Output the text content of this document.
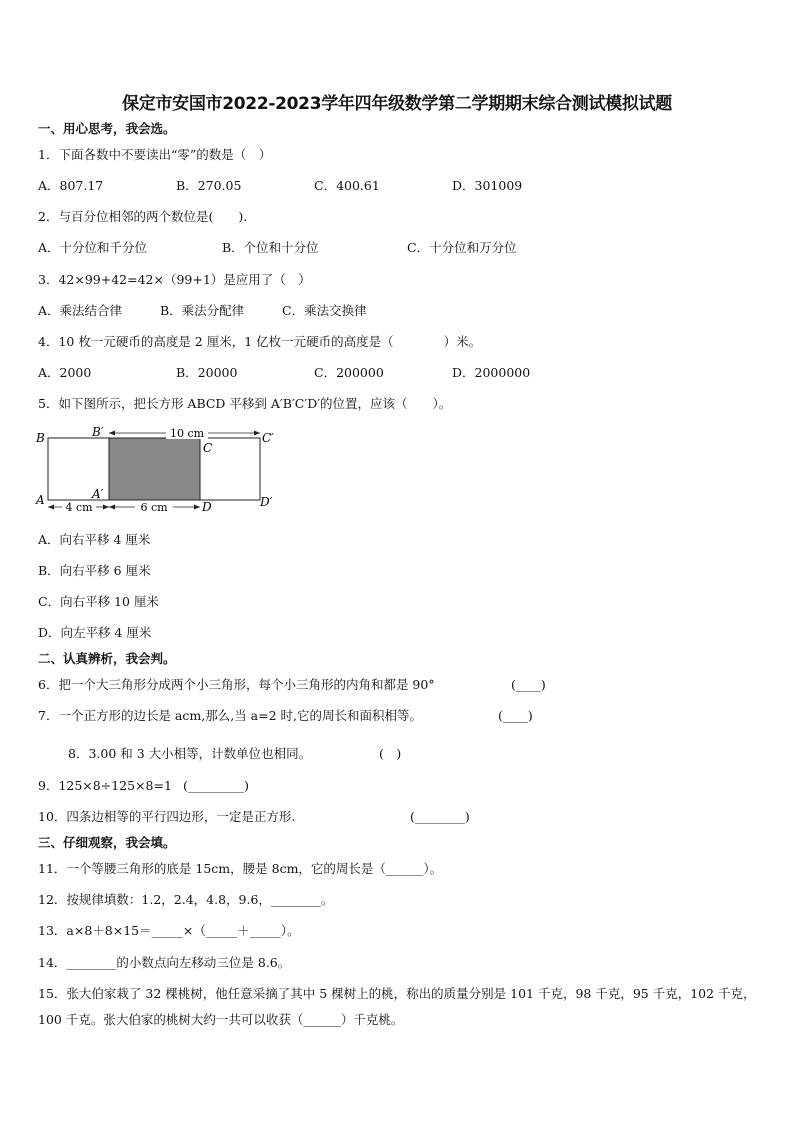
保定市安国市2022-2023学年四年级数学第二学期期末综合测试模拟试题
一、用心思考，我会选。
1．下面各数中不要读出“零”的数是（　）
A．807.17	B．270.05	C．400.61	D．301009
2．与百分位相邻的两个数位是(　　).
A．十分位和千分位	B．个位和十分位	C．十分位和万分位
3．42×99+42=42×（99+1）是应用了（　）
A．乘法结合律	B．乘法分配律	C．乘法交换律
4．10 枚一元硬币的高度是 2 厘米，1 亿枚一元硬币的高度是（　　　　）米。
A．2000	B．20000	C．200000	D．2000000
5．如下图所示，把长方形 ABCD 平移到 A′B′C′D′的位置，应该（　　）。
10 cm
4 cm	6 cm
B	B′
C
C′
A	A′
D	D′
A．向右平移 4 厘米
B．向右平移 6 厘米
C．向右平移 10 厘米
D．向左平移 4 厘米
二、认真辨析，我会判。
6．把一个大三角形分成两个小三角形，每个小三角形的内角和都是 90°	(____)
7．一个正方形的边长是 acm,那么,当 a=2 时,它的周长和面积相等。	(____)
8．3.00 和 3 大小相等，计数单位也相同。	(　)
9．125×8÷125×8=1 (_________)
10．四条边相等的平行四边形，一定是正方形.	(________)
三、仔细观察，我会填。
11．一个等腰三角形的底是 15cm，腰是 8cm，它的周长是（______）。
12．按规律填数：1.2，2.4，4.8，9.6，________。
13．a×8＋8×15＝_____×（_____＋_____）。
14．________的小数点向左移动三位是 8.6。
15．张大伯家栽了 32 棵桃树，他任意采摘了其中 5 棵树上的桃，称出的质量分别是 101 千克，98 千克，95 千克，102 千克，100 千克。张大伯家的桃树大约一共可以收获（______）千克桃。
